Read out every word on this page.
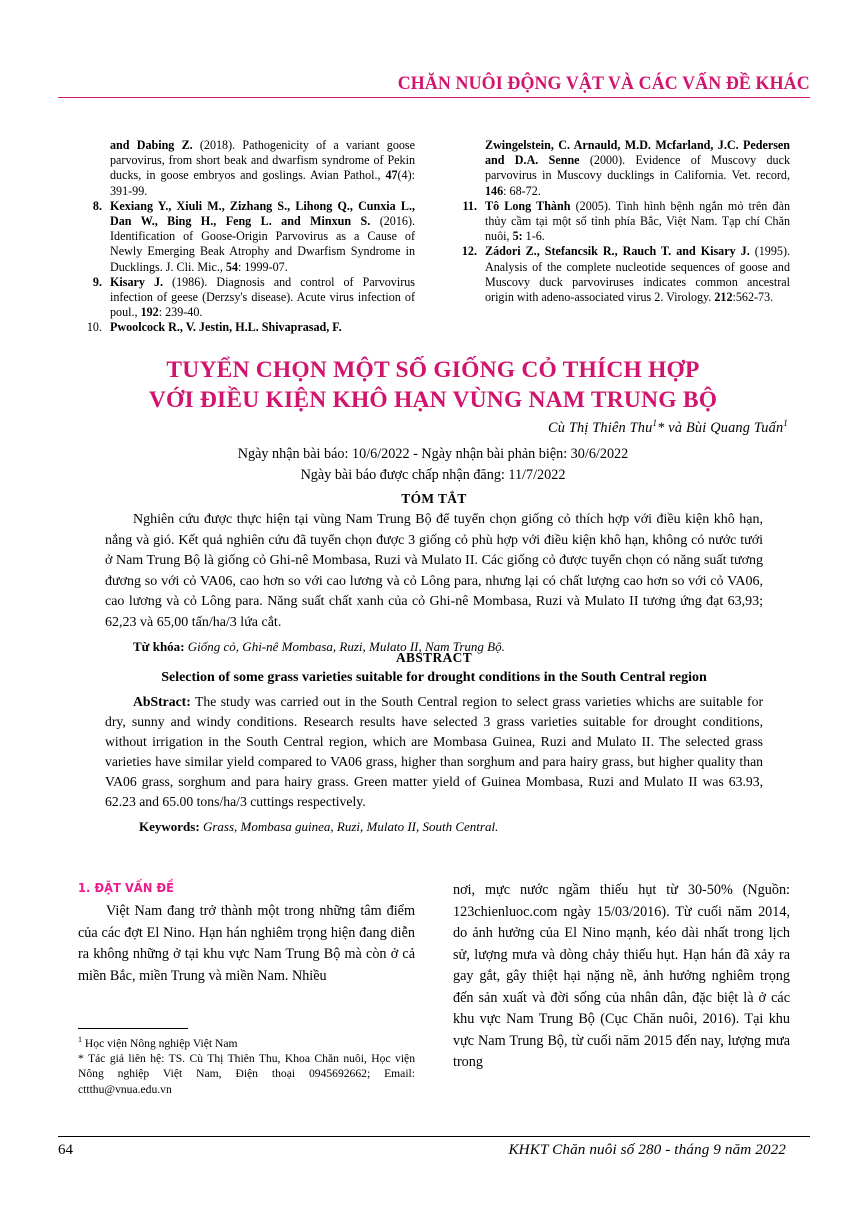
CHĂN NUÔI ĐỘNG VẬT VÀ CÁC VẤN ĐỀ KHÁC

and Dabing Z. (2018). Pathogenicity of a variant goose parvovirus, from short beak and dwarfism syndrome of Pekin ducks, in goose embryos and goslings. Avian Pathol., 47(4): 391-99.

8. Kexiang Y., Xiuli M., Zizhang S., Lihong Q., Cunxia L., Dan W., Bing H., Feng L. and Minxun S. (2016). Identification of Goose-Origin Parvovirus as a Cause of Newly Emerging Beak Atrophy and Dwarfism Syndrome in Ducklings. J. Cli. Mic., 54: 1999-07.

9. Kisary J. (1986). Diagnosis and control of Parvovirus infection of geese (Derzsy's disease). Acute virus infection of poul., 192: 239-40.

10. Pwoolcock R., V. Jestin, H.L. Shivaprasad, F.

Zwingelstein, C. Arnauld, M.D. Mcfarland, J.C. Pedersen and D.A. Senne (2000). Evidence of Muscovy duck parvovirus in Muscovy ducklings in California. Vet. record, 146: 68-72.

11. Tô Long Thành (2005). Tình hình bệnh ngắn mỏ trên đàn thủy cầm tại một số tỉnh phía Bắc, Việt Nam. Tạp chí Chăn nuôi, 5: 1-6.

12. Zádori Z., Stefancsik R., Rauch T. and Kisary J. (1995). Analysis of the complete nucleotide sequences of goose and Muscovy duck parvoviruses indicates common ancestral origin with adeno-associated virus 2. Virology. 212:562-73.

TUYỂN CHỌN MỘT SỐ GIỐNG CỎ THÍCH HỢP
VỚI ĐIỀU KIỆN KHÔ HẠN VÙNG NAM TRUNG BỘ
Cù Thị Thiên Thu$^1$* và Bùi Quang Tuấn$^1$
Ngày nhận bài báo: 10/6/2022 - Ngày nhận bài phản biện: 30/6/2022
Ngày bài báo được chấp nhận đăng: 11/7/2022
TÓM TẮT

Nghiên cứu được thực hiện tại vùng Nam Trung Bộ để tuyển chọn giống cỏ thích hợp với điều kiện khô hạn, nắng và gió. Kết quả nghiên cứu đã tuyển chọn được 3 giống cỏ phù hợp với điều kiện khô hạn, không có nước tưới ở Nam Trung Bộ là giống cỏ Ghi-nê Mombasa, Ruzi và Mulato II. Các giống cỏ được tuyển chọn có năng suất tương đương so với cỏ VA06, cao hơn so với cao lương và cỏ Lông para, nhưng lại có chất lượng cao hơn so với cỏ VA06, cao lương và cỏ Lông para. Năng suất chất xanh của cỏ Ghi-nê Mombasa, Ruzi và Mulato II tương ứng đạt 63,93; 62,23 và 65,00 tấn/ha/3 lứa cắt.

Từ khóa: Giống cỏ, Ghi-nê Mombasa, Ruzi, Mulato II, Nam Trung Bộ.

ABSTRACT
Selection of some grass varieties suitable for drought conditions in the South Central region

AbStract: The study was carried out in the South Central region to select grass varieties whichs are suitable for dry, sunny and windy conditions. Research results have selected 3 grass varieties suitable for drought conditions, without irrigation in the South Central region, which are Mombasa Guinea, Ruzi and Mulato II. The selected grass varieties have similar yield compared to VA06 grass, higher than sorghum and para hairy grass, but higher quality than VA06 grass, sorghum and para hairy grass. Green matter yield of Guinea Mombasa, Ruzi and Mulato II was 63.93, 62.23 and 65.00 tons/ha/3 cuttings respectively.

Keywords: Grass, Mombasa guinea, Ruzi, Mulato II, South Central.

1. ĐẶT VẤN ĐỀ

Việt Nam đang trở thành một trong những tâm điểm của các đợt El Nino. Hạn hán nghiêm trọng hiện đang diễn ra không những ở tại khu vực Nam Trung Bộ mà còn ở cả miền Bắc, miền Trung và miền Nam. Nhiều

nơi, mực nước ngầm thiếu hụt từ 30-50% (Nguồn: 123chienluoc.com ngày 15/03/2016). Từ cuối năm 2014, do ảnh hưởng của El Nino mạnh, kéo dài nhất trong lịch sử, lượng mưa và dòng chảy thiếu hụt. Hạn hán đã xảy ra gay gắt, gây thiệt hại nặng nề, ảnh hưởng nghiêm trọng đến sản xuất và đời sống của nhân dân, đặc biệt là ở các khu vực Nam Trung Bộ (Cục Chăn nuôi, 2016). Tại khu vực Nam Trung Bộ, từ cuối năm 2015 đến nay, lượng mưa trong

$^1$ Học viện Nông nghiệp Việt Nam

* Tác giả liên hệ: TS. Cù Thị Thiên Thu, Khoa Chăn nuôi, Học viện Nông nghiệp Việt Nam, Điện thoại 0945692662; Email: cttthu@vnua.edu.vn

64	KHKT Chăn nuôi số 280 - tháng 9 năm 2022
